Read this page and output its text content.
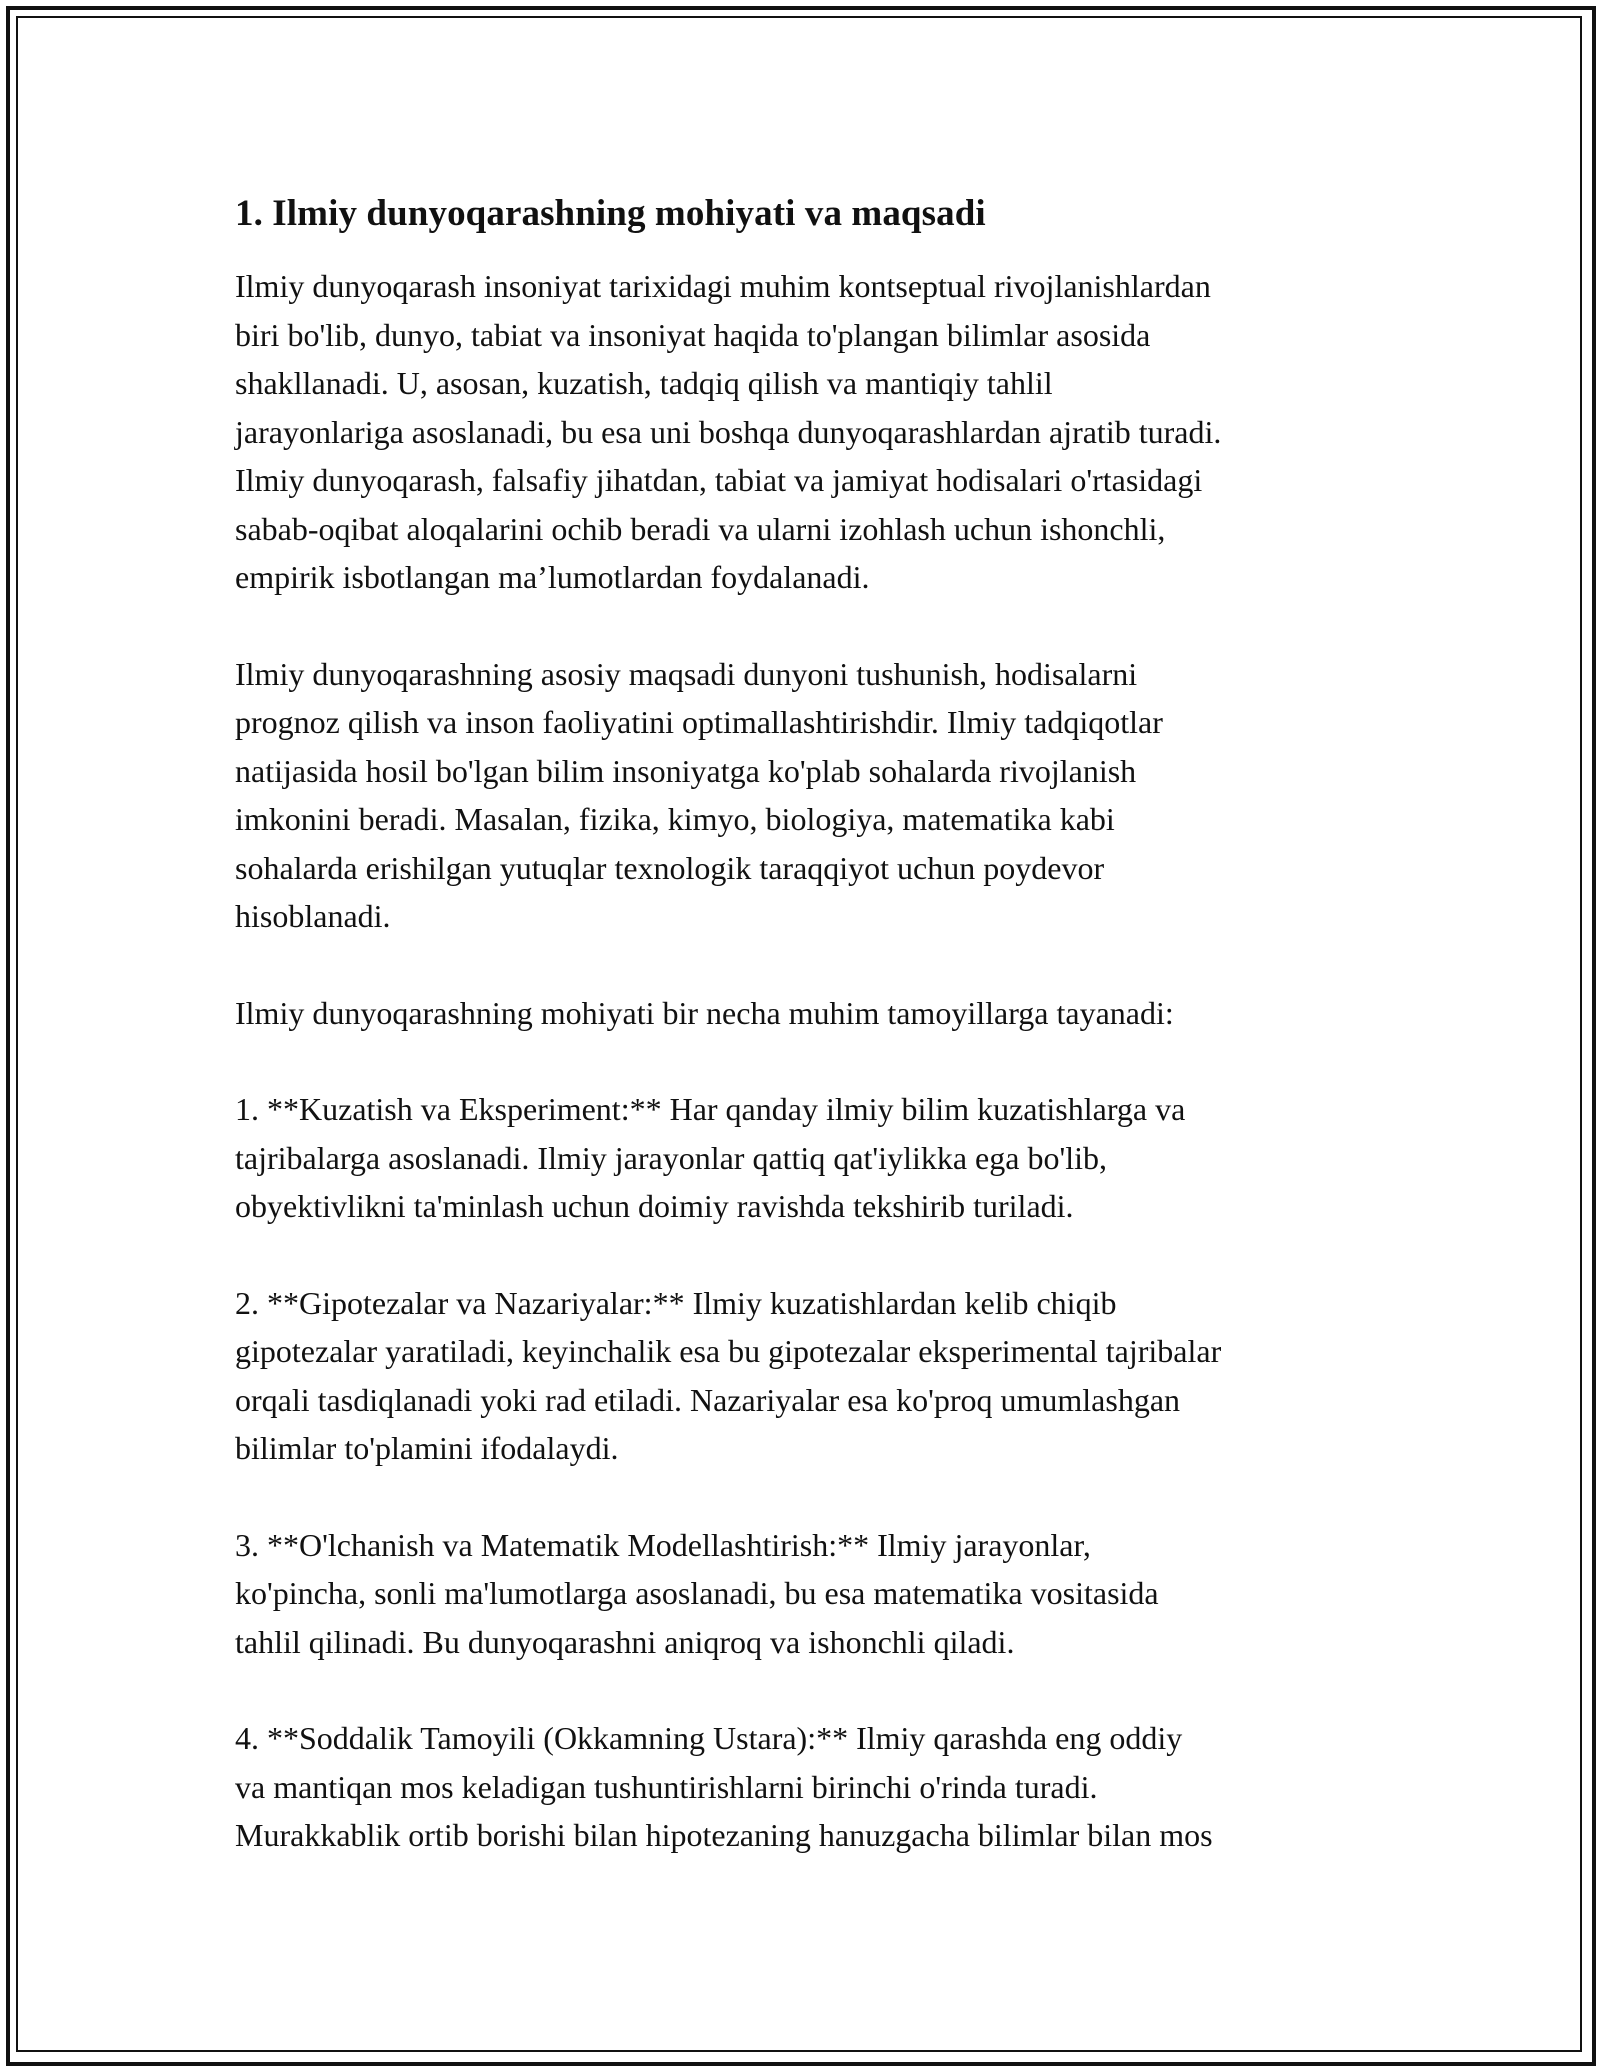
1. Ilmiy dunyoqarashning mohiyati va maqsadi

Ilmiy dunyoqarash insoniyat tarixidagi muhim kontseptual rivojlanishlardan
biri bo'lib, dunyo, tabiat va insoniyat haqida to'plangan bilimlar asosida
shakllanadi. U, asosan, kuzatish, tadqiq qilish va mantiqiy tahlil
jarayonlariga asoslanadi, bu esa uni boshqa dunyoqarashlardan ajratib turadi.
Ilmiy dunyoqarash, falsafiy jihatdan, tabiat va jamiyat hodisalari o'rtasidagi
sabab-oqibat aloqalarini ochib beradi va ularni izohlash uchun ishonchli,
empirik isbotlangan ma’lumotlardan foydalanadi.

Ilmiy dunyoqarashning asosiy maqsadi dunyoni tushunish, hodisalarni
prognoz qilish va inson faoliyatini optimallashtirishdir. Ilmiy tadqiqotlar
natijasida hosil bo'lgan bilim insoniyatga ko'plab sohalarda rivojlanish
imkonini beradi. Masalan, fizika, kimyo, biologiya, matematika kabi
sohalarda erishilgan yutuqlar texnologik taraqqiyot uchun poydevor
hisoblanadi.

Ilmiy dunyoqarashning mohiyati bir necha muhim tamoyillarga tayanadi:

1. **Kuzatish va Eksperiment:** Har qanday ilmiy bilim kuzatishlarga va
tajribalarga asoslanadi. Ilmiy jarayonlar qattiq qat'iylikka ega bo'lib,
obyektivlikni ta'minlash uchun doimiy ravishda tekshirib turiladi.

2. **Gipotezalar va Nazariyalar:** Ilmiy kuzatishlardan kelib chiqib
gipotezalar yaratiladi, keyinchalik esa bu gipotezalar eksperimental tajribalar
orqali tasdiqlanadi yoki rad etiladi. Nazariyalar esa ko'proq umumlashgan
bilimlar to'plamini ifodalaydi.

3. **O'lchanish va Matematik Modellashtirish:** Ilmiy jarayonlar,
ko'pincha, sonli ma'lumotlarga asoslanadi, bu esa matematika vositasida
tahlil qilinadi. Bu dunyoqarashni aniqroq va ishonchli qiladi.

4. **Soddalik Tamoyili (Okkamning Ustara):** Ilmiy qarashda eng oddiy
va mantiqan mos keladigan tushuntirishlarni birinchi o'rinda turadi.
Murakkablik ortib borishi bilan hipotezaning hanuzgacha bilimlar bilan mos
